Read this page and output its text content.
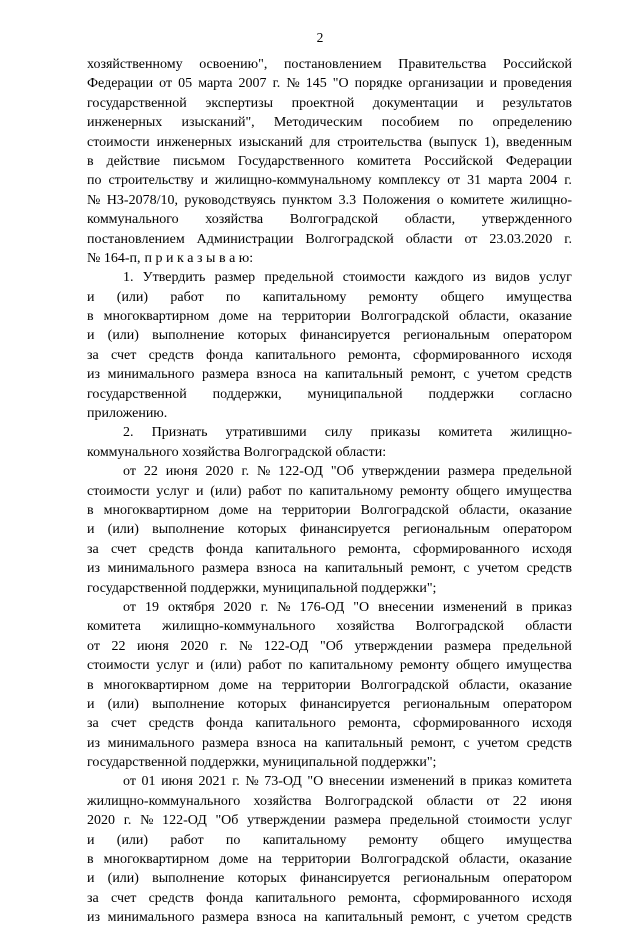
2
хозяйственному освоению", постановлением Правительства Российской
Федерации от 05 марта 2007 г. № 145 "О порядке организации и проведения
государственной экспертизы проектной документации и результатов
инженерных изысканий", Методическим пособием по определению
стоимости инженерных изысканий для строительства (выпуск 1), введенным
в действие письмом Государственного комитета Российской Федерации
по строительству и жилищно-коммунальному комплексу от 31 марта 2004 г.
№ НЗ-2078/10, руководствуясь пунктом 3.3 Положения о комитете жилищно-
коммунального хозяйства Волгоградской области, утвержденного
постановлением Администрации Волгоградской области от 23.03.2020 г.
№ 164-п, п р и к а з ы в а ю:
1. Утвердить размер предельной стоимости каждого из видов услуг
и (или) работ по капитальному ремонту общего имущества
в многоквартирном доме на территории Волгоградской области, оказание
и (или) выполнение которых финансируется региональным оператором
за счет средств фонда капитального ремонта, сформированного исходя
из минимального размера взноса на капитальный ремонт, с учетом средств
государственной поддержки, муниципальной поддержки согласно
приложению.
2. Признать утратившими силу приказы комитета жилищно-
коммунального хозяйства Волгоградской области:
от 22 июня 2020 г. № 122-ОД "Об утверждении размера предельной
стоимости услуг и (или) работ по капитальному ремонту общего имущества
в многоквартирном доме на территории Волгоградской области, оказание
и (или) выполнение которых финансируется региональным оператором
за счет средств фонда капитального ремонта, сформированного исходя
из минимального размера взноса на капитальный ремонт, с учетом средств
государственной поддержки, муниципальной поддержки";
от 19 октября 2020 г. № 176-ОД "О внесении изменений в приказ
комитета жилищно-коммунального хозяйства Волгоградской области
от 22 июня 2020 г. № 122-ОД "Об утверждении размера предельной
стоимости услуг и (или) работ по капитальному ремонту общего имущества
в многоквартирном доме на территории Волгоградской области, оказание
и (или) выполнение которых финансируется региональным оператором
за счет средств фонда капитального ремонта, сформированного исходя
из минимального размера взноса на капитальный ремонт, с учетом средств
государственной поддержки, муниципальной поддержки";
от 01 июня 2021 г. № 73-ОД "О внесении изменений в приказ комитета
жилищно-коммунального хозяйства Волгоградской области от 22 июня
2020 г. № 122-ОД "Об утверждении размера предельной стоимости услуг
и (или) работ по капитальному ремонту общего имущества
в многоквартирном доме на территории Волгоградской области, оказание
и (или) выполнение которых финансируется региональным оператором
за счет средств фонда капитального ремонта, сформированного исходя
из минимального размера взноса на капитальный ремонт, с учетом средств
